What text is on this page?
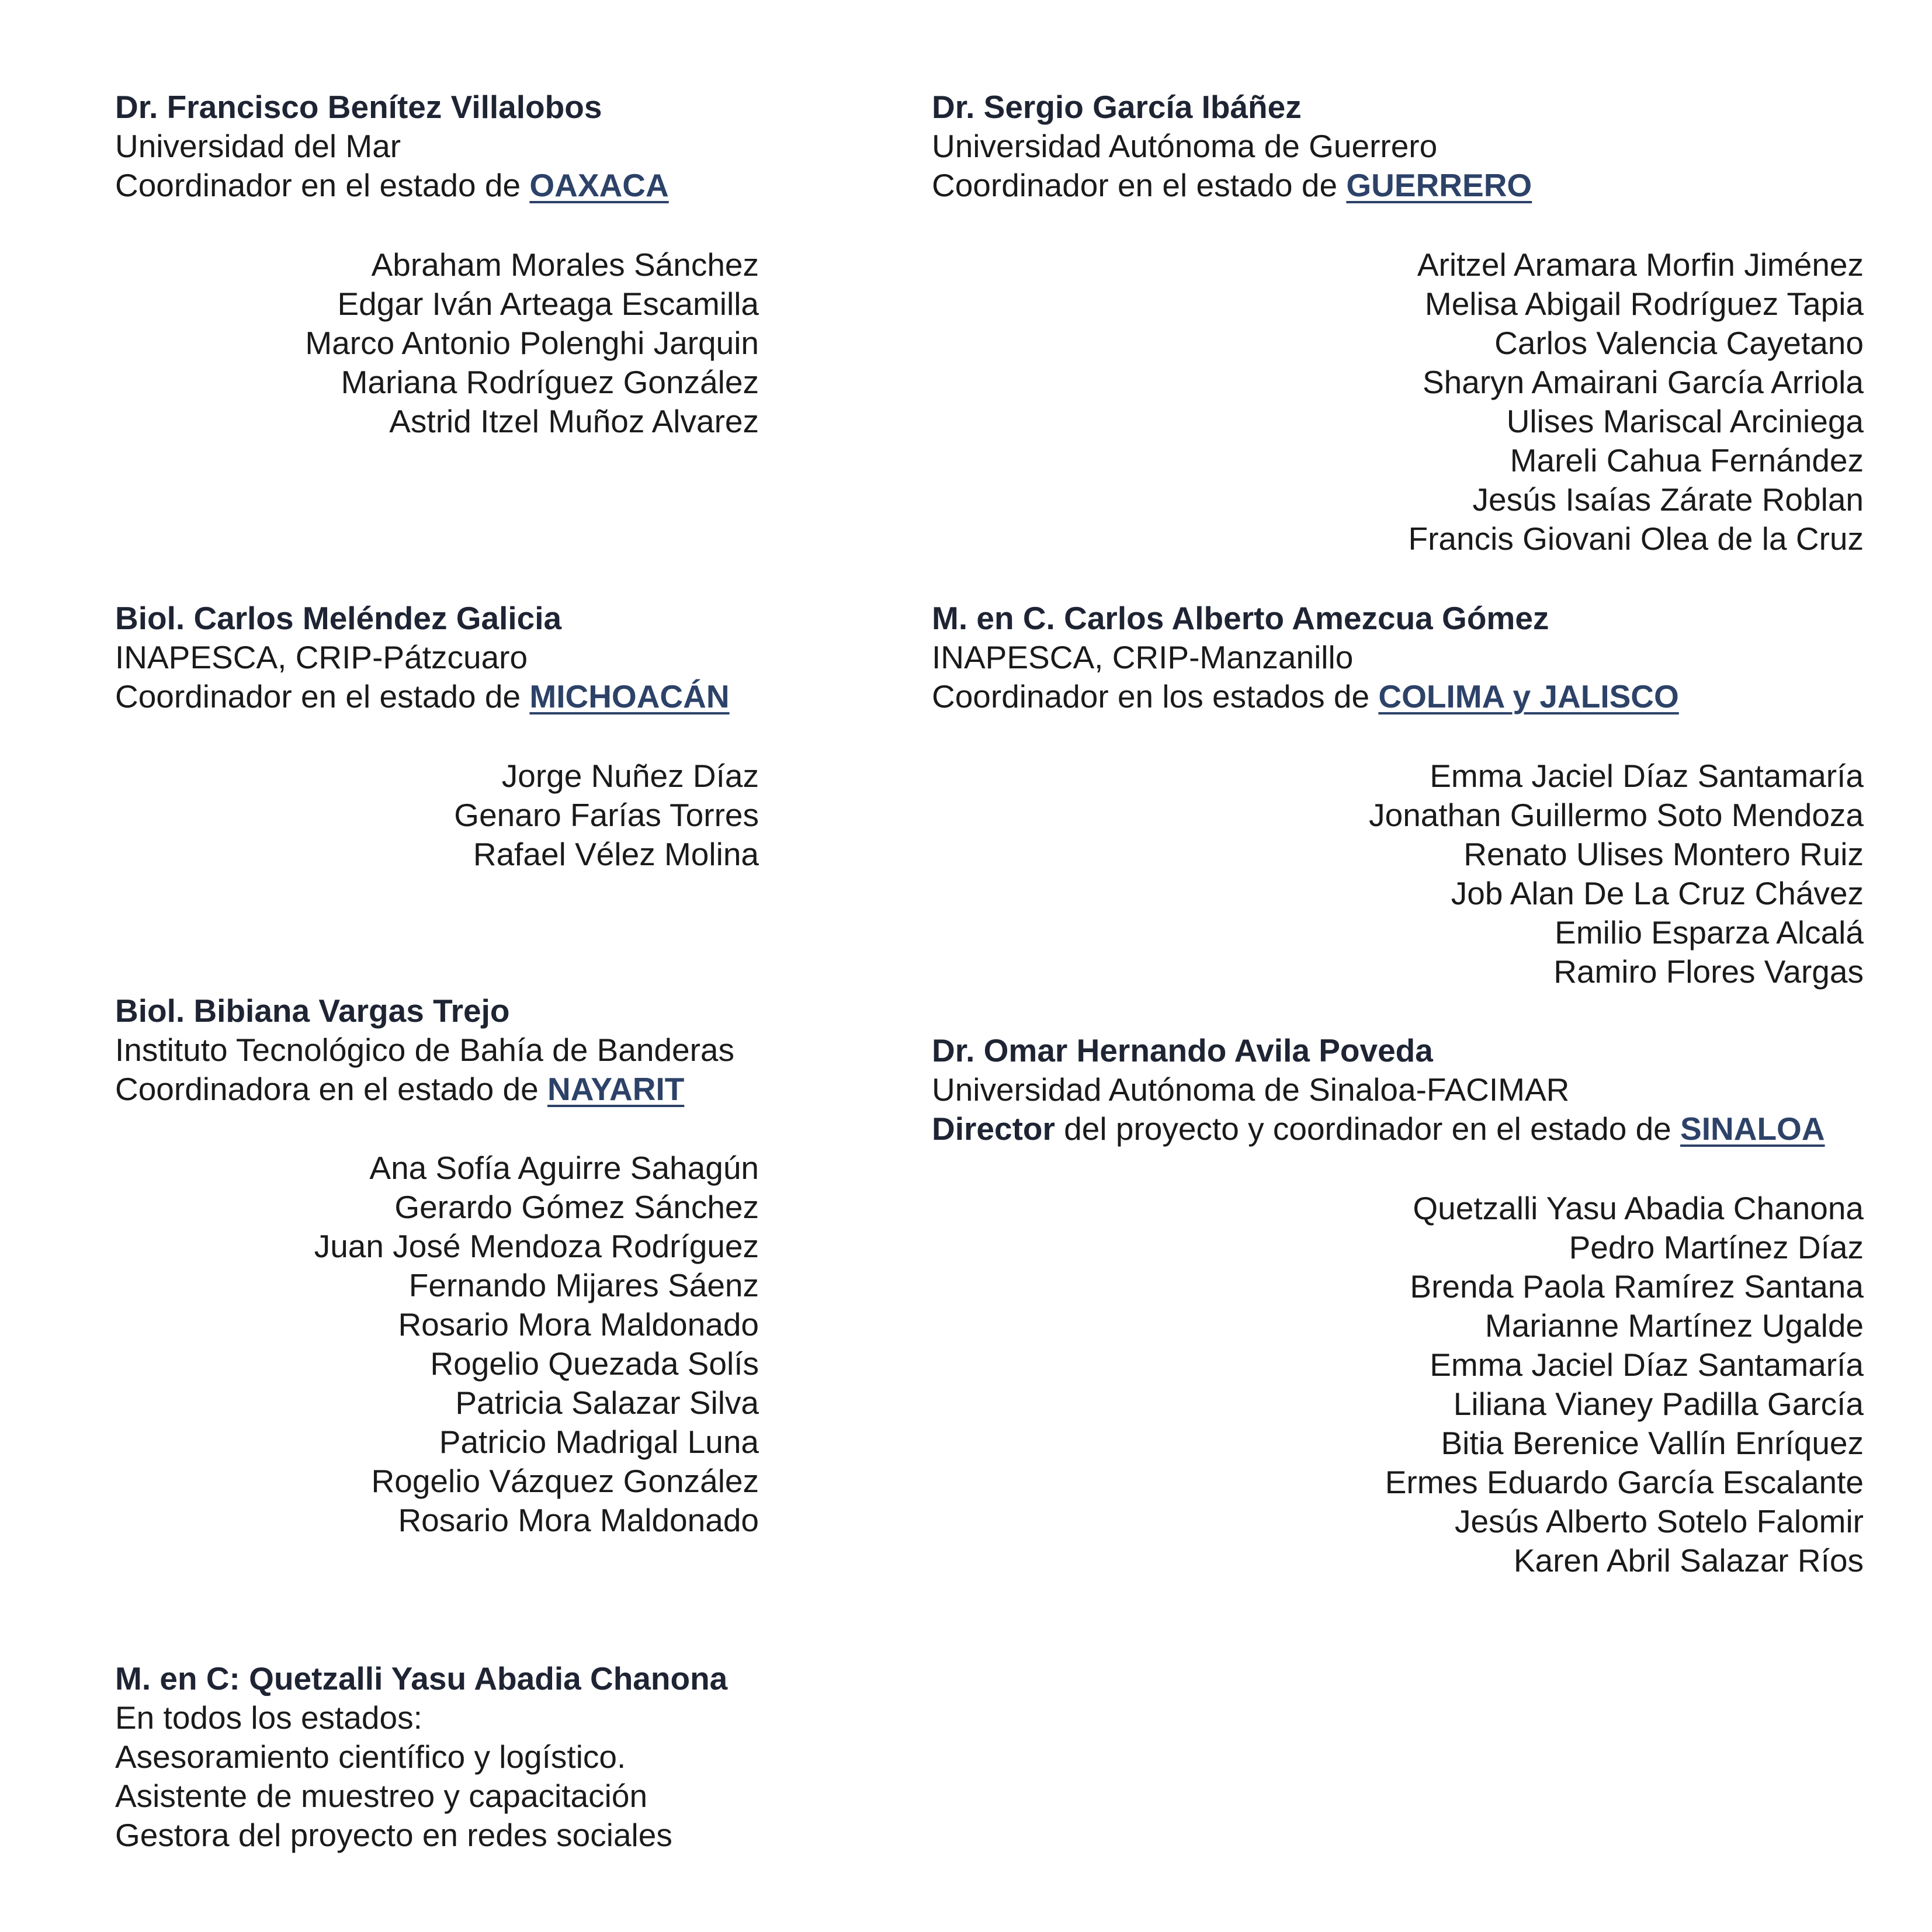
Dr. Francisco Benítez Villalobos
Universidad del Mar
Coordinador en el estado de OAXACA
Abraham Morales Sánchez
Edgar Iván Arteaga Escamilla
Marco Antonio Polenghi Jarquin
Mariana Rodríguez González
Astrid Itzel Muñoz Alvarez
Dr. Sergio García Ibáñez
Universidad Autónoma de Guerrero
Coordinador en el estado de GUERRERO
Aritzel Aramara Morfin Jiménez
Melisa Abigail Rodríguez Tapia
Carlos Valencia Cayetano
Sharyn Amairani García Arriola
Ulises Mariscal Arciniega
Mareli Cahua Fernández
Jesús Isaías Zárate Roblan
Francis Giovani Olea de la Cruz
Biol. Carlos Meléndez Galicia
INAPESCA, CRIP-Pátzcuaro
Coordinador en el estado de MICHOACÁN
Jorge Nuñez Díaz
Genaro Farías Torres
Rafael Vélez Molina
M. en C. Carlos Alberto Amezcua Gómez
INAPESCA, CRIP-Manzanillo
Coordinador en los estados de COLIMA y JALISCO
Emma Jaciel Díaz Santamaría
Jonathan Guillermo Soto Mendoza
Renato Ulises Montero Ruiz
Job Alan De La Cruz Chávez
Emilio Esparza Alcalá
Ramiro Flores Vargas
Biol. Bibiana Vargas Trejo
Instituto Tecnológico de Bahía de Banderas
Coordinadora en el estado de NAYARIT
Ana Sofía Aguirre Sahagún
Gerardo Gómez Sánchez
Juan José Mendoza Rodríguez
Fernando Mijares Sáenz
Rosario Mora Maldonado
Rogelio Quezada Solís
Patricia Salazar Silva
Patricio Madrigal Luna
Rogelio Vázquez González
Rosario Mora Maldonado
Dr. Omar Hernando Avila Poveda
Universidad Autónoma de Sinaloa-FACIMAR
Director del proyecto y coordinador en el estado de SINALOA
Quetzalli Yasu Abadia Chanona
Pedro Martínez Díaz
Brenda Paola Ramírez Santana
Marianne Martínez Ugalde
Emma Jaciel Díaz Santamaría
Liliana Vianey Padilla García
Bitia Berenice Vallín Enríquez
Ermes Eduardo García Escalante
Jesús Alberto Sotelo Falomir
Karen Abril Salazar Ríos
M. en C: Quetzalli Yasu Abadia Chanona
En todos los estados:
Asesoramiento científico y logístico.
Asistente de muestreo y capacitación
Gestora del proyecto en redes sociales
